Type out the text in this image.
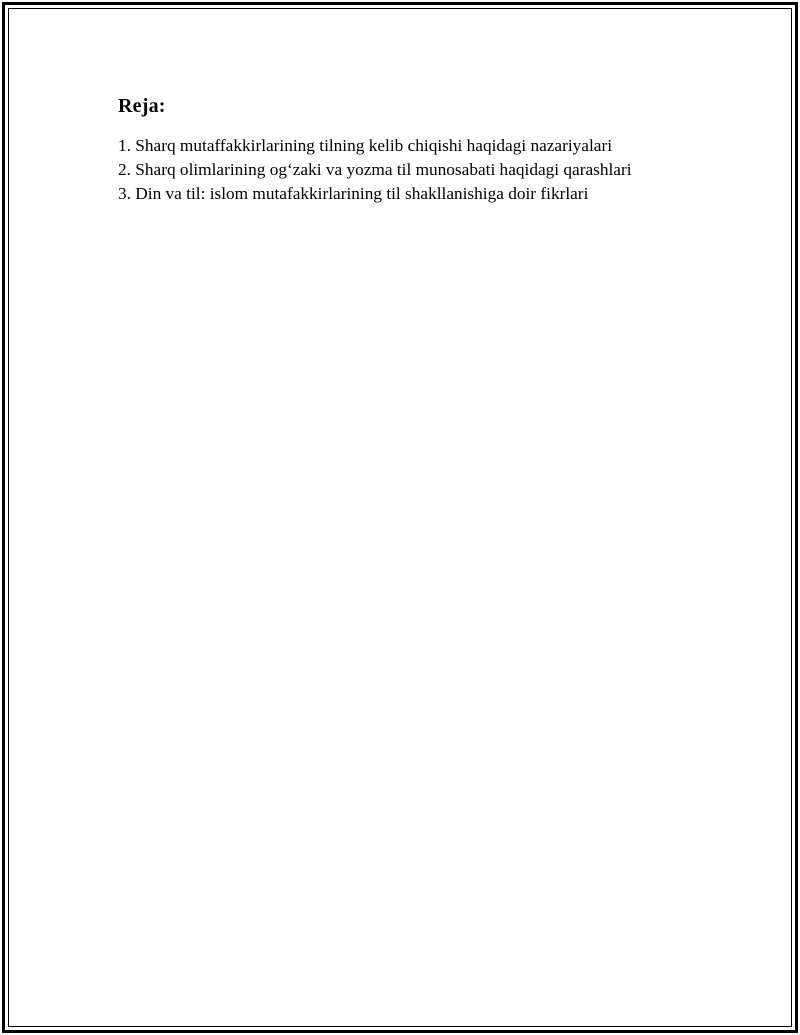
Reja:
1. Sharq mutaffakkirlarining tilning kelib chiqishi haqidagi nazariyalari
2. Sharq olimlarining og‘zaki va yozma til munosabati haqidagi qarashlari
3. Din va til: islom mutafakkirlarining til shakllanishiga doir fikrlari
